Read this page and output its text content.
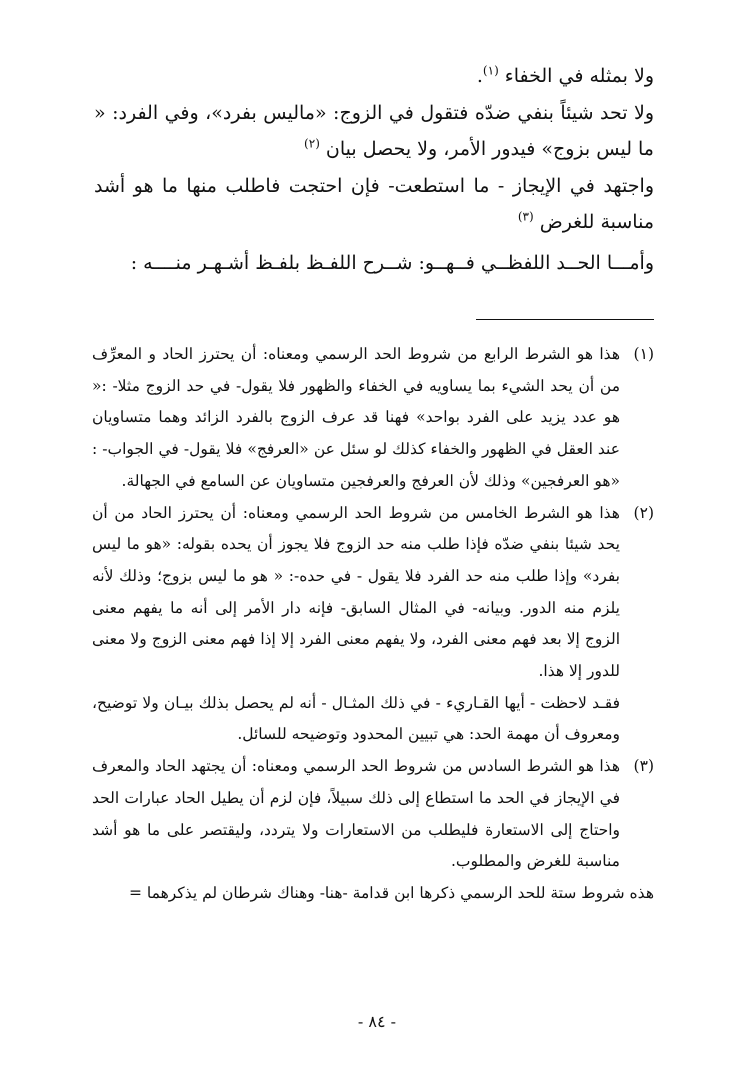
ولا بمثله في الخفاء $^{(١)}$.

ولا تحد شيئاً بنفي ضدّه فتقول في الزوج: «ماليس بفرد»، وفي الفرد: « ما ليس بزوج» فيدور الأمر، ولا يحصل بيان $^{(٢)}$

واجتهد في الإيجاز - ما استطعت- فإن احتجت فاطلب منها ما هو أشد مناسبة للغرض $^{(٣)}$

وأمـــا الحــد اللفظــي فــهــو: شــرح اللفـظ بلفـظ أشـهـر منــــه :

(١)

هذا هو الشرط الرابع من شروط الحد الرسمي ومعناه: أن يحترز الحاد و المعرِّف من أن يحد الشيء بما يساويه في الخفاء والظهور فلا يقول- في حد الزوج مثلا- :« هو عدد يزيد على الفرد بواحد» فهنا قد عرف الزوج بالفرد الزائد وهما متساويان عند العقل في الظهور والخفاء كذلك لو سئل عن «العرفج» فلا يقول- في الجواب- : «هو العرفجين» وذلك لأن العرفج والعرفجين متساويان عن السامع في الجهالة.

(٢)

هذا هو الشرط الخامس من شروط الحد الرسمي ومعناه: أن يحترز الحاد من أن يحد شيئا بنفي ضدّه فإذا طلب منه حد الزوج فلا يجوز أن يحده بقوله: «هو ما ليس بفرد» وإذا طلب منه حد الفرد فلا يقول - في حده-: « هو ما ليس بزوج؛ وذلك لأنه يلزم منه الدور. وبيانه- في المثال السابق- فإنه دار الأمر إلى أنه ما يفهم معنى الزوج إلا بعد فهم معنى الفرد، ولا يفهم معنى الفرد إلا إذا فهم معنى الزوج ولا معنى للدور إلا هذا.

فقـد لاحظت - أيها القـاريء - في ذلك المثـال - أنه لم يحصل بذلك بيـان ولا توضيح، ومعروف أن مهمة الحد: هي تبيين المحدود وتوضيحه للسائل.

(٣)

هذا هو الشرط السادس من شروط الحد الرسمي ومعناه: أن يجتهد الحاد والمعرف في الإيجاز في الحد ما استطاع إلى ذلك سبيلاً، فإن لزم أن يطيل الحاد عبارات الحد واحتاج إلى الاستعارة فليطلب من الاستعارات ولا يتردد، وليقتصر على ما هو أشد مناسبة للغرض والمطلوب.

هذه شروط ستة للحد الرسمي ذكرها ابن قدامة -هنا- وهناك شرطان لم يذكرهما =

- ٨٤ -
